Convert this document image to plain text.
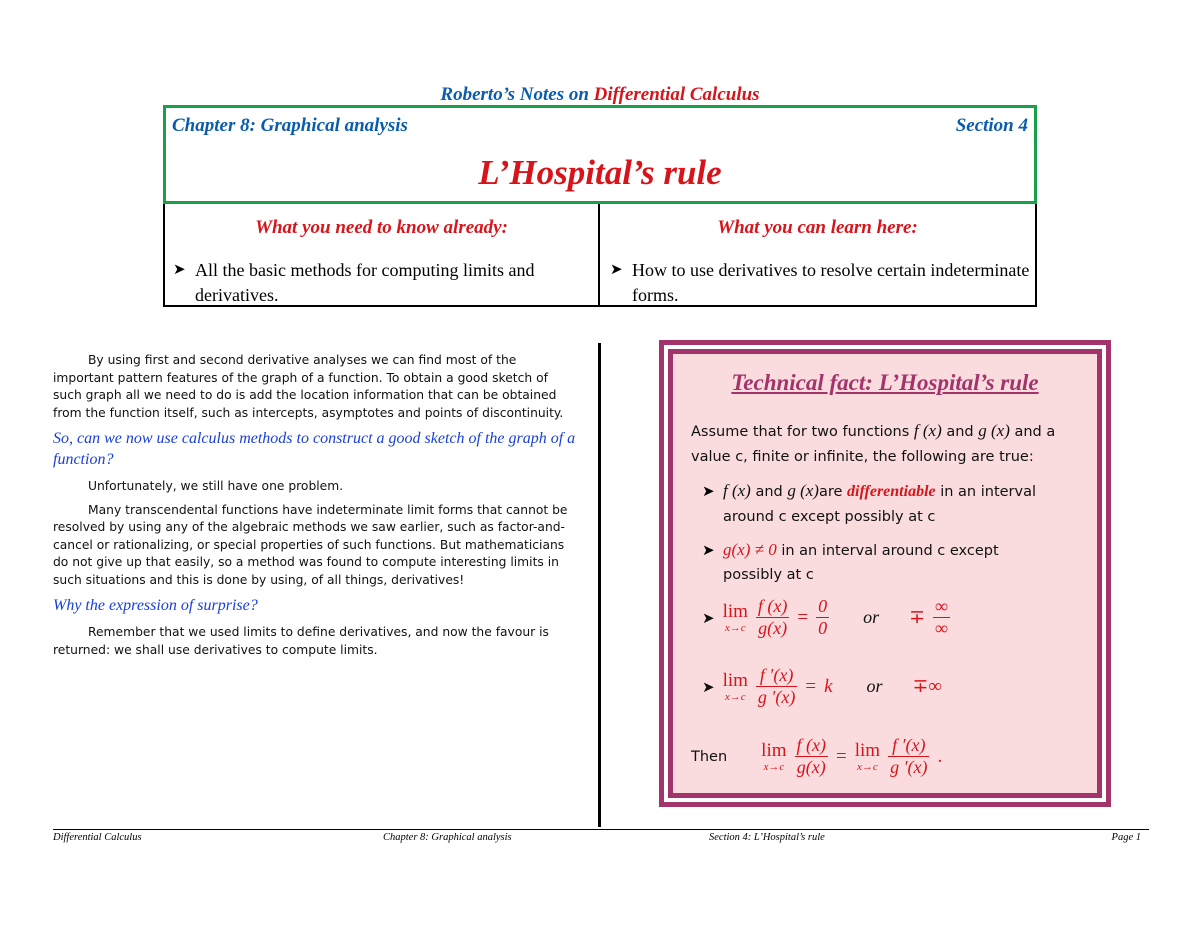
Roberto’s Notes on Differential Calculus
Chapter 8: Graphical analysis	Section 4
L’Hospital’s rule
What you need to know already:	What you can learn here:
➤ All the basic methods for computing limits and derivatives.
➤ How to use derivatives to resolve certain indeterminate forms.

By using first and second derivative analyses we can find most of the important pattern features of the graph of a function. To obtain a good sketch of such graph all we need to do is add the location information that can be obtained from the function itself, such as intercepts, asymptotes and points of discontinuity.

So, can we now use calculus methods to construct a good sketch of the graph of a function?

Unfortunately, we still have one problem.

Many transcendental functions have indeterminate limit forms that cannot be resolved by using any of the algebraic methods we saw earlier, such as factor-and-cancel or rationalizing, or special properties of such functions. But mathematicians do not give up that easily, so a method was found to compute interesting limits in such situations and this is done by using, of all things, derivatives!

Why the expression of surprise?

Remember that we used limits to define derivatives, and now the favour is returned: we shall use derivatives to compute limits.

Technical fact: L’Hospital’s rule
Assume that for two functions f (x) and g (x) and a
value c, finite or infinite, the following are true:
➤ f (x) and g (x)are differentiable in an interval
around c except possibly at c
➤ g(x) ≠ 0 in an interval around c except
possibly at c
➤ lim
x→c
$\frac{f (x)}{g(x)} = \frac{0}{0}$ or ∓ $\frac{\infty}{\infty}$
➤ lim
x→c
$\frac{f '(x)}{g '(x)} = k$ or ∓∞
Then lim
x→c
$\frac{f (x)}{g(x)} = \lim$
x→c
$\frac{f '(x)}{g '(x)}$ .
Differential Calculus	Chapter 8: Graphical analysis	Section 4: L’Hospital’s rule	Page 1
